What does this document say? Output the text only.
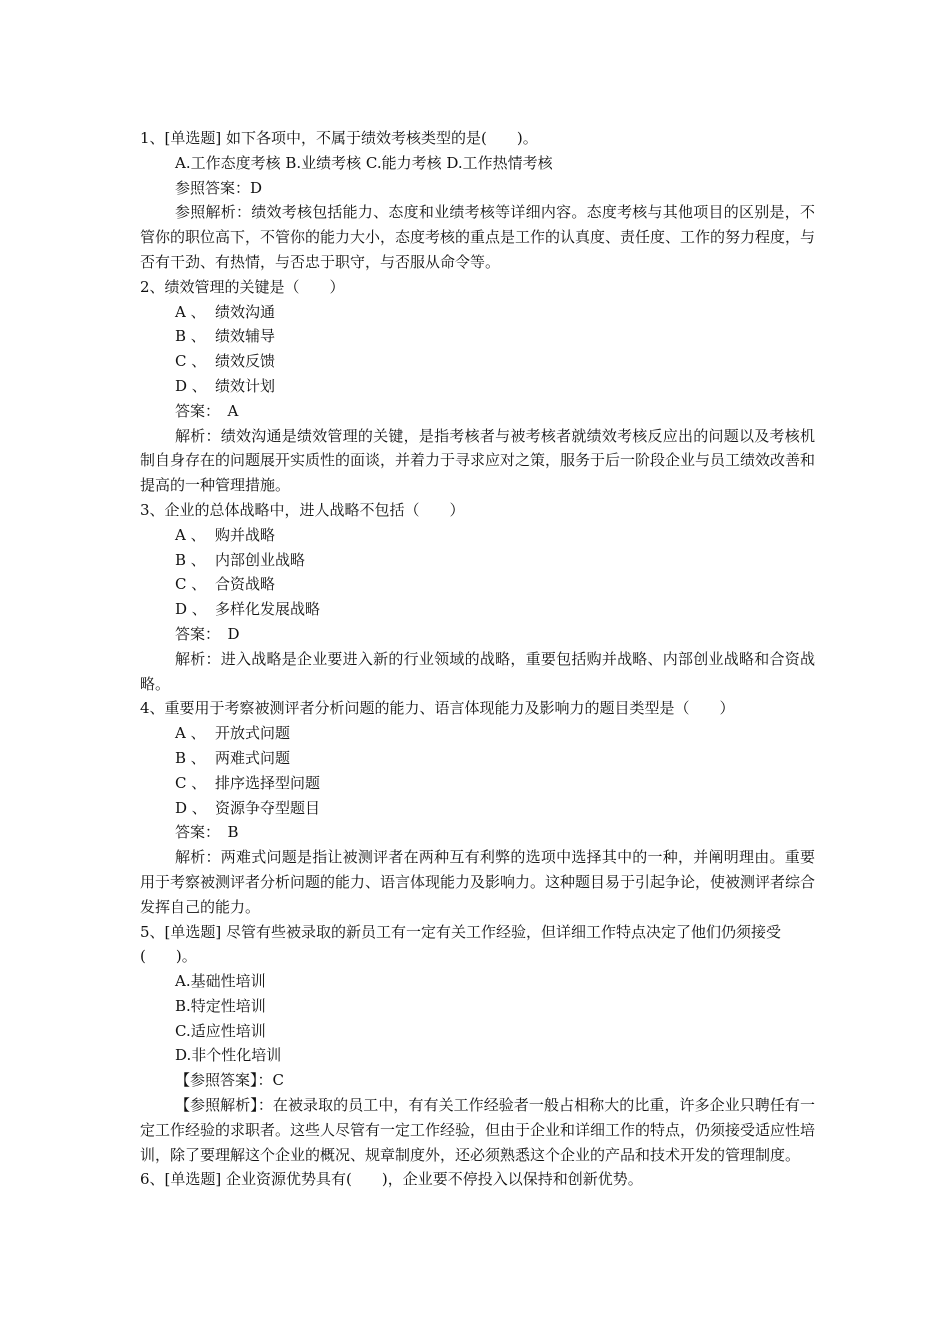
1、[单选题] 如下各项中，不属于绩效考核类型的是(　　)。
A.工作态度考核 B.业绩考核 C.能力考核 D.工作热情考核
参照答案：D
参照解析：绩效考核包括能力、态度和业绩考核等详细内容。态度考核与其他项目的区别是，不管你的职位高下，不管你的能力大小，态度考核的重点是工作的认真度、责任度、工作的努力程度，与否有干劲、有热情，与否忠于职守，与否服从命令等。
2、绩效管理的关键是（　　）
A 、 绩效沟通
B 、 绩效辅导
C 、 绩效反馈
D 、 绩效计划
答案：　A
解析：绩效沟通是绩效管理的关键，是指考核者与被考核者就绩效考核反应出的问题以及考核机制自身存在的问题展开实质性的面谈，并着力于寻求应对之策，服务于后一阶段企业与员工绩效改善和提高的一种管理措施。
3、企业的总体战略中，进人战略不包括（　　）
A 、 购并战略
B 、 内部创业战略
C 、 合资战略
D 、 多样化发展战略
答案：　D
解析：进入战略是企业要进入新的行业领域的战略，重要包括购并战略、内部创业战略和合资战略。
4、重要用于考察被测评者分析问题的能力、语言体现能力及影响力的题目类型是（　　）
A 、 开放式问题
B 、 两难式问题
C 、 排序选择型问题
D 、 资源争夺型题目
答案：　B
解析：两难式问题是指让被测评者在两种互有利弊的选项中选择其中的一种，并阐明理由。重要用于考察被测评者分析问题的能力、语言体现能力及影响力。这种题目易于引起争论，使被测评者综合发挥自己的能力。
5、[单选题] 尽管有些被录取的新员工有一定有关工作经验，但详细工作特点决定了他们仍须接受(　　)。
A.基础性培训
B.特定性培训
C.适应性培训
D.非个性化培训
【参照答案】：C
【参照解析】：在被录取的员工中，有有关工作经验者一般占相称大的比重，许多企业只聘任有一定工作经验的求职者。这些人尽管有一定工作经验，但由于企业和详细工作的特点，仍须接受适应性培训，除了要理解这个企业的概况、规章制度外，还必须熟悉这个企业的产品和技术开发的管理制度。
6、[单选题] 企业资源优势具有(　　)，企业要不停投入以保持和创新优势。
